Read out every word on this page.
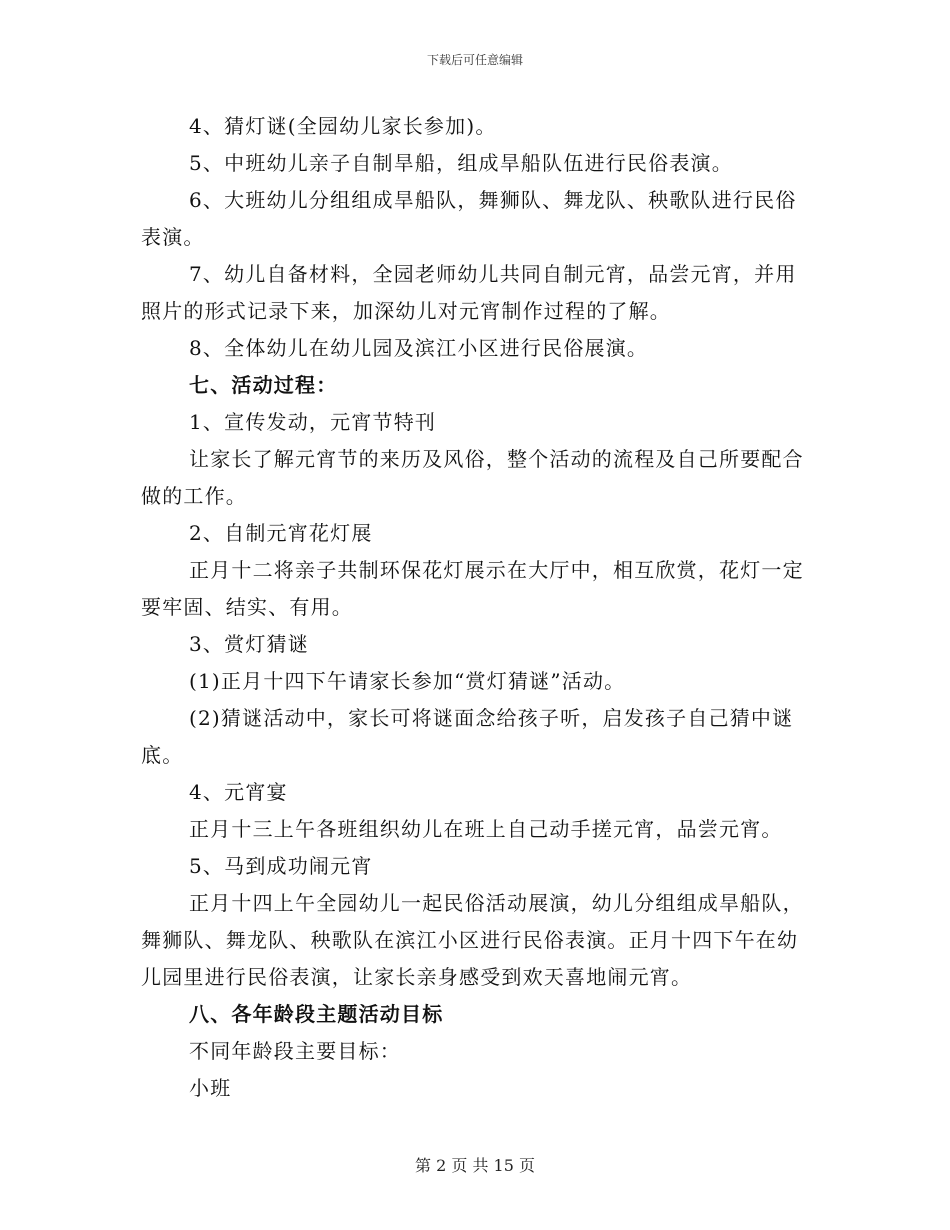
下载后可任意编辑

4、猜灯谜(全园幼儿家长参加)。

5、中班幼儿亲子自制旱船，组成旱船队伍进行民俗表演。

6、大班幼儿分组组成旱船队，舞狮队、舞龙队、秧歌队进行民俗表演。

7、幼儿自备材料，全园老师幼儿共同自制元宵，品尝元宵，并用照片的形式记录下来，加深幼儿对元宵制作过程的了解。

8、全体幼儿在幼儿园及滨江小区进行民俗展演。

七、活动过程：

1、宣传发动，元宵节特刊

让家长了解元宵节的来历及风俗，整个活动的流程及自己所要配合做的工作。

2、自制元宵花灯展

正月十二将亲子共制环保花灯展示在大厅中，相互欣赏，花灯一定要牢固、结实、有用。

3、赏灯猜谜

(1)正月十四下午请家长参加“赏灯猜谜”活动。

(2)猜谜活动中，家长可将谜面念给孩子听，启发孩子自己猜中谜底。

4、元宵宴

正月十三上午各班组织幼儿在班上自己动手搓元宵，品尝元宵。

5、马到成功闹元宵

正月十四上午全园幼儿一起民俗活动展演，幼儿分组组成旱船队，舞狮队、舞龙队、秧歌队在滨江小区进行民俗表演。正月十四下午在幼儿园里进行民俗表演，让家长亲身感受到欢天喜地闹元宵。

八、各年龄段主题活动目标

不同年龄段主要目标：

小班

第 2 页 共 15 页
